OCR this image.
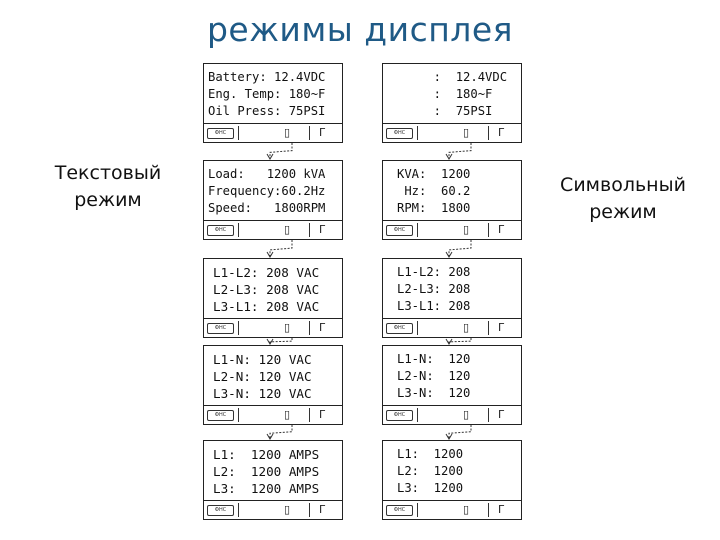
режимы дисплея
Текстовый
режим
Символьный
режим
Battery: 12.4VDC
Eng. Temp: 180~F
Oil Press: 75PSI
ФНС	▯	Г
Load:   1200 kVA
Frequency:60.2Hz
Speed:   1800RPM
ФНС	▯	Г
L1-L2: 208 VAC
L2-L3: 208 VAC
L3-L1: 208 VAC
ФНС	▯	Г
L1-N: 120 VAC
L2-N: 120 VAC
L3-N: 120 VAC
ФНС	▯	Г
L1:  1200 AMPS
L2:  1200 AMPS
L3:  1200 AMPS
ФНС	▯	Г
:  12.4VDC
:  180~F
:  75PSI
ФНС	▯	Г
KVA:  1200
Hz:  60.2
RPM:  1800
ФНС	▯	Г
L1-L2: 208
L2-L3: 208
L3-L1: 208
ФНС	▯	Г
L1-N:  120
L2-N:  120
L3-N:  120
ФНС	▯	Г
L1:  1200
L2:  1200
L3:  1200
ФНС	▯	Г
